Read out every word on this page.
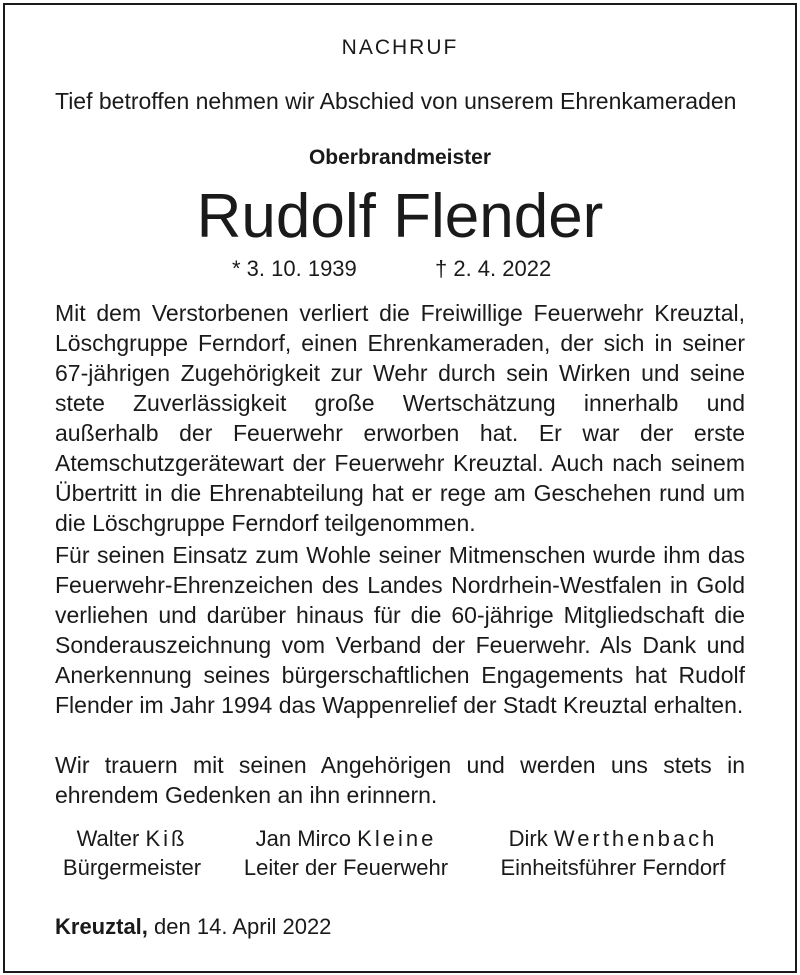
NACHRUF
Tief betroffen nehmen wir Abschied von unserem Ehrenkameraden
Oberbrandmeister
Rudolf Flender
* 3. 10. 1939	† 2. 4. 2022
Mit dem Verstorbenen verliert die Freiwillige Feuerwehr Kreuztal, Löschgruppe Ferndorf, einen Ehrenkameraden, der sich in seiner 67-jährigen Zugehörigkeit zur Wehr durch sein Wirken und seine stete Zuverlässigkeit große Wertschätzung innerhalb und außerhalb der Feuerwehr erworben hat. Er war der erste Atemschutzgerätewart der Feuerwehr Kreuztal. Auch nach seinem Übertritt in die Ehrenabteilung hat er rege am Geschehen rund um die Löschgruppe Ferndorf teilgenommen.
Für seinen Einsatz zum Wohle seiner Mitmenschen wurde ihm das Feuerwehr-Ehrenzeichen des Landes Nordrhein-Westfalen in Gold verliehen und darüber hinaus für die 60-jährige Mitgliedschaft die Sonderauszeichnung vom Verband der Feuerwehr. Als Dank und Anerkennung seines bürgerschaftlichen Engagements hat Rudolf Flender im Jahr 1994 das Wappenrelief der Stadt Kreuztal erhalten.
Wir trauern mit seinen Angehörigen und werden uns stets in ehrendem Gedenken an ihn erinnern.
Walter Kiß
Bürgermeister
Jan Mirco Kleine
Leiter der Feuerwehr
Dirk Werthenbach
Einheitsführer Ferndorf
Kreuztal, den 14. April 2022
